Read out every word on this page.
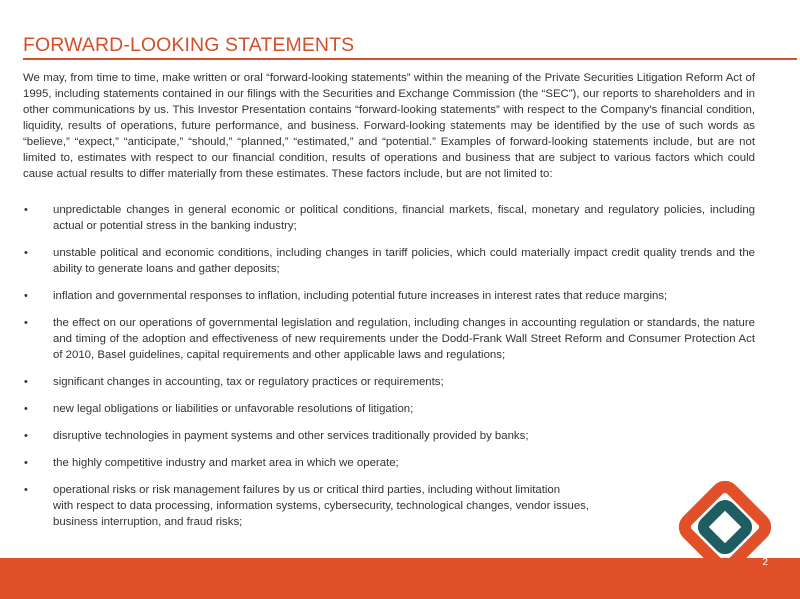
FORWARD-LOOKING STATEMENTS

We may, from time to time, make written or oral “forward-looking statements” within the meaning of the Private Securities Litigation Reform Act of 1995, including statements contained in our filings with the Securities and Exchange Commission (the “SEC”), our reports to shareholders and in other communications by us. This Investor Presentation contains “forward-looking statements” with respect to the Company’s financial condition, liquidity, results of operations, future performance, and business. Forward-looking statements may be identified by the use of such words as “believe,” “expect,” “anticipate,” “should,” “planned,” “estimated,” and “potential.” Examples of forward-looking statements include, but are not limited to, estimates with respect to our financial condition, results of operations and business that are subject to various factors which could cause actual results to differ materially from these estimates. These factors include, but are not limited to:

• unpredictable changes in general economic or political conditions, financial markets, fiscal, monetary and regulatory policies, including actual or potential stress in the banking industry;
• unstable political and economic conditions, including changes in tariff policies, which could materially impact credit quality trends and the ability to generate loans and gather deposits;
• inflation and governmental responses to inflation, including potential future increases in interest rates that reduce margins;
• the effect on our operations of governmental legislation and regulation, including changes in accounting regulation or standards, the nature and timing of the adoption and effectiveness of new requirements under the Dodd-Frank Wall Street Reform and Consumer Protection Act of 2010, Basel guidelines, capital requirements and other applicable laws and regulations;
• significant changes in accounting, tax or regulatory practices or requirements;
• new legal obligations or liabilities or unfavorable resolutions of litigation;
• disruptive technologies in payment systems and other services traditionally provided by banks;
• the highly competitive industry and market area in which we operate;
• operational risks or risk management failures by us or critical third parties, including without limitation
with respect to data processing, information systems, cybersecurity, technological changes, vendor issues,
business interruption, and fraud risks;
2
